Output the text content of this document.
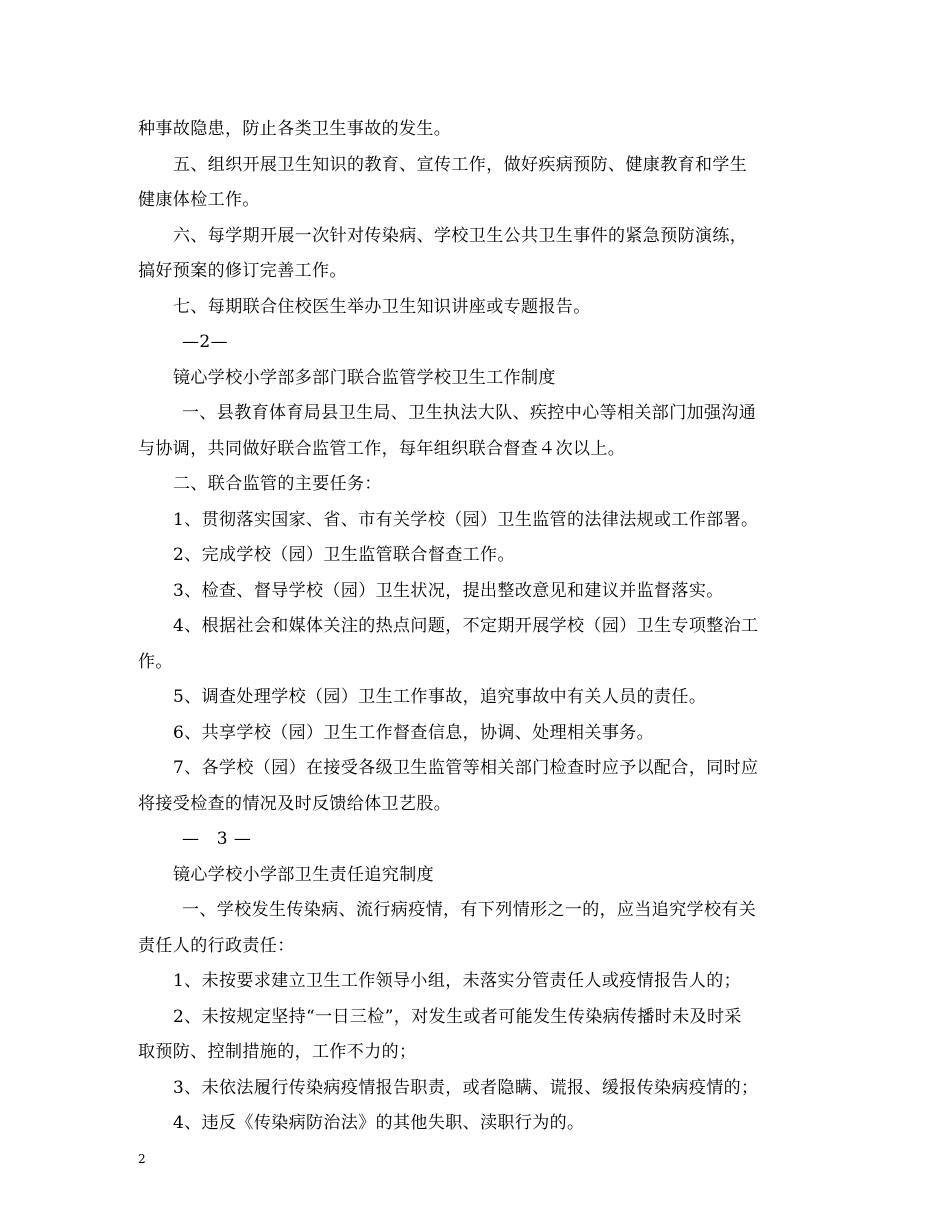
种事故隐患，防止各类卫生事故的发生。
五、组织开展卫生知识的教育、宣传工作，做好疾病预防、健康教育和学生
健康体检工作。
六、每学期开展一次针对传染病、学校卫生公共卫生事件的紧急预防演练，
搞好预案的修订完善工作。
七、每期联合住校医生举办卫生知识讲座或专题报告。
—2—
镜心学校小学部多部门联合监管学校卫生工作制度
一、县教育体育局县卫生局、卫生执法大队、疾控中心等相关部门加强沟通
与协调，共同做好联合监管工作，每年组织联合督查４次以上。
二、联合监管的主要任务：
1、贯彻落实国家、省、市有关学校（园）卫生监管的法律法规或工作部署。
2、完成学校（园）卫生监管联合督查工作。
3、检查、督导学校（园）卫生状况，提出整改意见和建议并监督落实。
4、根据社会和媒体关注的热点问题，不定期开展学校（园）卫生专项整治工
作。
5、调查处理学校（园）卫生工作事故，追究事故中有关人员的责任。
6、共享学校（园）卫生工作督查信息，协调、处理相关事务。
7、各学校（园）在接受各级卫生监管等相关部门检查时应予以配合，同时应
将接受检查的情况及时反馈给体卫艺股。
—　3 —
镜心学校小学部卫生责任追究制度
一、学校发生传染病、流行病疫情，有下列情形之一的，应当追究学校有关
责任人的行政责任：
1、未按要求建立卫生工作领导小组，未落实分管责任人或疫情报告人的；
2、未按规定坚持“一日三检”，对发生或者可能发生传染病传播时未及时采
取预防、控制措施的，工作不力的；
3、未依法履行传染病疫情报告职责，或者隐瞒、谎报、缓报传染病疫情的；
4、违反《传染病防治法》的其他失职、渎职行为的。
2
